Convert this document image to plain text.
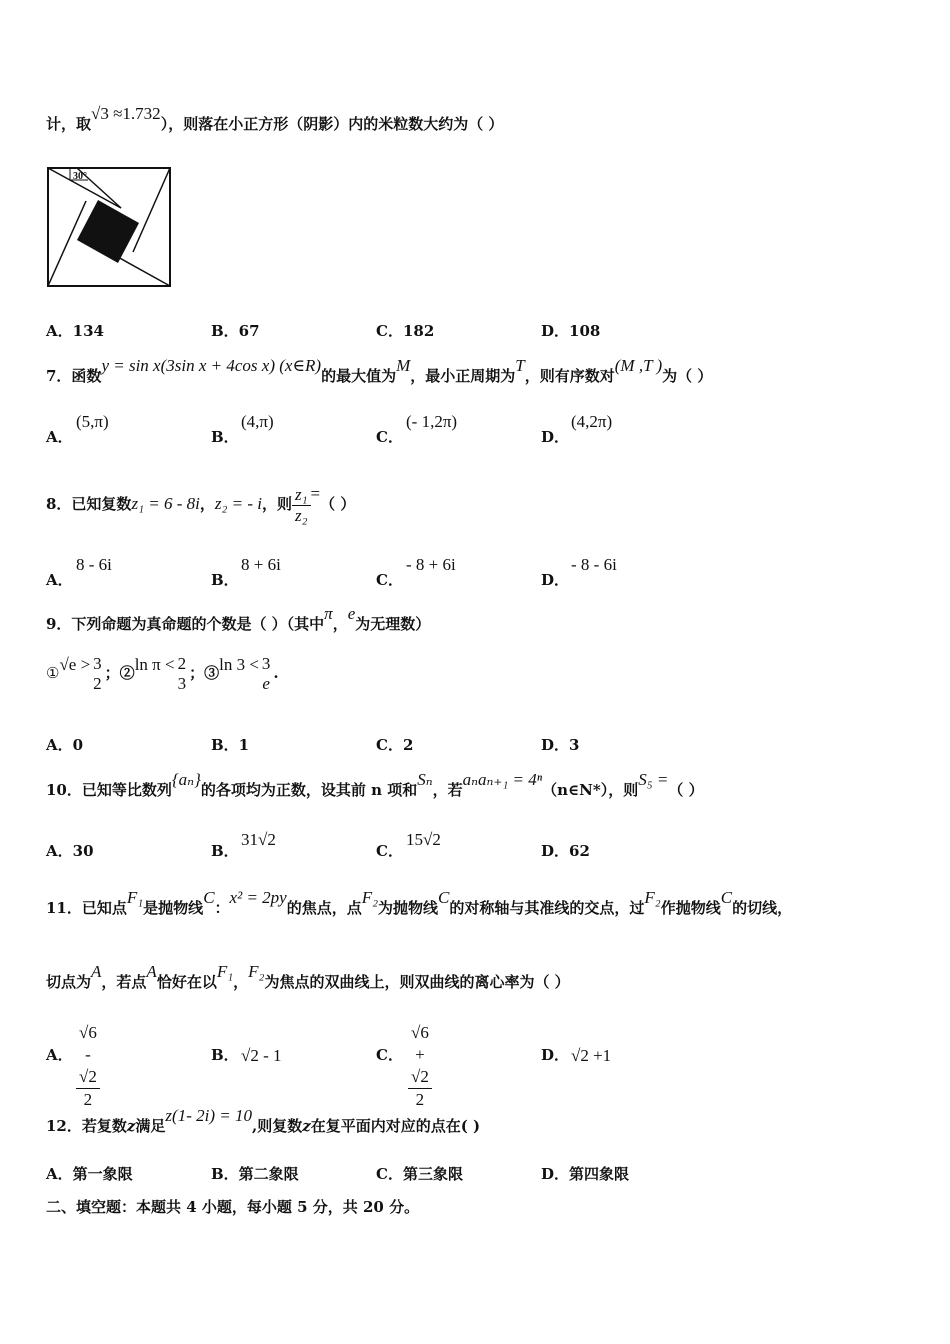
计，取√3 ≈1.732），则落在小正方形（阴影）内的米粒数大约为（ ）
30°
A．134	B．67	C．182	D．108
7．函数y = sin x(3sin x + 4cos x) (x∈R)的最大值为M，最小正周期为T，则有序数对(M ,T )为（ ）
A．
(5,π)
B．
(4,π)
C．
(- 1,2π)
D．
(4,2π)
8．已知复数z₁ = 6 - 8i，z₂ = - i，则 $\frac{\text{z₁}}{\text{z₂}}$ =（ ）
A．
8 - 6i
B．
8 + 6i
C．
- 8 + 6i
D．
- 8 - 6i
9．下列命题为真命题的个数是（ ）（其中π，e为无理数）
①√e > 3
2
；②ln π < 2
3
；③ln 3 < 3
e
.
A．0	B．1	C．2	D．3
10．已知等比数列{aₙ}的各项均为正数，设其前 n 项和Sₙ，若aₙaₙ₊₁ = 4ⁿ（n∈N*），则S₅ =（ ）
A．30	B．
31√2
C．
15√2
D．62
11．已知点F₁是抛物线C：x² = 2py的焦点，点F₂为抛物线C的对称轴与其准线的交点，过F₂作抛物线C的切线，
切点为A，若点A恰好在以F₁，F₂为焦点的双曲线上，则双曲线的离心率为（ ）
A． $\frac{√6 - √2}{2}$	B． √2 - 1	C． $\frac{√6 + √2}{2}$	D． √2 +1
12．若复数z满足z(1- 2i) = 10,则复数z在复平面内对应的点在( )
A．第一象限	B．第二象限	C．第三象限	D．第四象限
二、填空题：本题共 4 小题，每小题 5 分，共 20 分。
